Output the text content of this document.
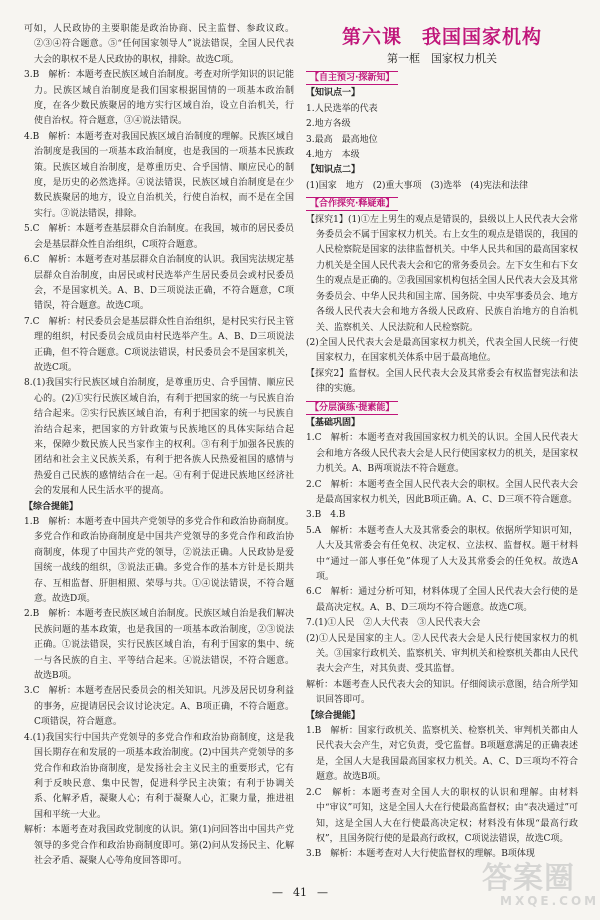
可如，人民政协的主要职能是政治协商、民主监督、参政议政。②③④符合题意。⑤“任何国家领导人”说法错误，全国人民代表大会的职权不是人民政协的职权，排除。故选C项。

3.B　解析：本题考查民族区域自治制度。考查对所学知识的识记能力。民族区域自治制度是我们国家根据国情的一项基本政治制度，在各少数民族聚居的地方实行区域自治，设立自治机关，行使自治权。符合题意，③④说法错误。

4.B　解析：本题考查对我国民族区域自治制度的理解。民族区域自治制度是我国的一项基本政治制度，也是我国的一项基本民族政策。民族区域自治制度，是尊重历史、合乎国情、顺应民心的制度，是历史的必然选择。④说法错误，民族区域自治制度是在少数民族聚居的地方，设立自治机关，行使自治权，而不是在全国实行。③说法错误，排除。

5.C　解析：本题考查基层群众自治制度。在我国，城市的居民委员会是基层群众性自治组织，C项符合题意。

6.C　解析：本题考查对基层群众自治制度的认识。我国宪法规定基层群众自治制度，由居民或村民选举产生居民委员会或村民委员会，不是国家机关。A、B、D三项说法正确，不符合题意，C项错误，符合题意。故选C项。

7.C　解析：村民委员会是基层群众性自治组织，是村民实行民主管理的组织，村民委员会成员由村民选举产生。A、B、D三项说法正确，但不符合题意。C项说法错误，村民委员会不是国家机关，故选C项。

8.(1)我国实行民族区域自治制度，是尊重历史、合乎国情、顺应民心的。(2)①实行民族区域自治，有利于把国家的统一与民族自治结合起来。②实行民族区域自治，有利于把国家的统一与民族自治结合起来，把国家的方针政策与民族地区的具体实际结合起来，保障少数民族人民当家作主的权利。③有利于加强各民族的团结和社会主义民族关系，有利于把各族人民热爱祖国的感情与热爱自己民族的感情结合在一起。④有利于促进民族地区经济社会的发展和人民生活水平的提高。

【综合提能】

1.B　解析：本题考查中国共产党领导的多党合作和政治协商制度。多党合作和政治协商制度是中国共产党领导的多党合作和政治协商制度，体现了中国共产党的领导，②说法正确。人民政协是爱国统一战线的组织，③说法正确。多党合作的基本方针是长期共存、互相监督、肝胆相照、荣辱与共。①④说法错误，不符合题意。故选D项。

2.B　解析：本题考查民族区域自治制度。民族区域自治是我们解决民族问题的基本政策，也是我国的一项基本政治制度，②③说法正确。①说法错误，实行民族区域自治，有利于国家的集中、统一与各民族的自主、平等结合起来。④说法错误，不符合题意。故选B项。

3.C　解析：本题考查居民委员会的相关知识。凡涉及居民切身利益的事务，应提请居民会议讨论决定。A、B项正确，不符合题意。C项错误，符合题意。

4.(1)我国实行中国共产党领导的多党合作和政治协商制度，这是我国长期存在和发展的一项基本政治制度。(2)中国共产党领导的多党合作和政治协商制度，是发扬社会主义民主的重要形式，它有利于反映民意、集中民智，促进科学民主决策；有利于协调关系、化解矛盾，凝聚人心；有利于凝聚人心，汇聚力量，推进祖国和平统一大业。

解析：本题考查对我国政党制度的认识。第(1)问回答出中国共产党领导的多党合作和政治协商制度即可。第(2)问从发扬民主、化解社会矛盾、凝聚人心等角度回答即可。

第六课　我国国家机构
第一框　国家权力机关
【自主预习·探新知】
【知识点一】

1.人民选举的代表

2.地方各级

3.最高　最高地位

4.地方　本级

【知识点二】

(1)国家　地方　(2)重大事项　(3)选举　(4)宪法和法律

【合作探究·释疑难】

【探究1】(1)①左上男生的观点是错误的，县级以上人民代表大会常务委员会不属于国家权力机关。右上女生的观点是错误的，我国的人民检察院是国家的法律监督机关。中华人民共和国的最高国家权力机关是全国人民代表大会和它的常务委员会。左下女生和右下女生的观点是正确的。②我国国家机构包括全国人民代表大会及其常务委员会、中华人民共和国主席、国务院、中央军事委员会、地方各级人民代表大会和地方各级人民政府、民族自治地方的自治机关、监察机关、人民法院和人民检察院。

(2)全国人民代表大会是最高国家权力机关，代表全国人民统一行使国家权力，在国家机关体系中居于最高地位。

【探究2】监督权。全国人民代表大会及其常委会有权监督宪法和法律的实施。

【分层演练·提素能】
【基础巩固】

1.C　解析：本题考查对我国国家权力机关的认识。全国人民代表大会和地方各级人民代表大会是人民行使国家权力的机关，是国家权力机关。A、B两项说法不符合题意。

2.C　解析：本题考查全国人民代表大会的职权。全国人民代表大会是最高国家权力机关，因此B项正确。A、C、D三项不符合题意。

3.B　4.B

5.A　解析：本题考查人大及其常委会的职权。依据所学知识可知，人大及其常委会有任免权、决定权、立法权、监督权。题干材料中“通过一部人事任免”体现了人大及其常委会的任免权。故选A项。

6.C　解析：通过分析可知，材料体现了全国人民代表大会行使的是最高决定权。A、B、D三项均不符合题意。故选C项。

7.(1)①人民　②人大代表　③人民代表大会

(2)①人民是国家的主人。②人民代表大会是人民行使国家权力的机关。③国家行政机关、监察机关、审判机关和检察机关都由人民代表大会产生，对其负责、受其监督。

解析：本题考查人民代表大会的知识。仔细阅读示意图，结合所学知识回答即可。

【综合提能】

1.B　解析：国家行政机关、监察机关、检察机关、审判机关都由人民代表大会产生，对它负责，受它监督。B项题意满足的正确表述是，全国人大是我国最高国家权力机关。A、C、D三项均不符合题意。故选B项。

2.C　解析：本题考查对全国人大的职权的认识和理解。由材料中“审议”可知，这是全国人大在行使最高监督权；由“表决通过”可知，这是全国人大在行使最高决定权；材料没有体现“最高行政权”，且国务院行使的是最高行政权，C项说法错误，故选C项。

3.B　解析：本题考查对人大行使监督权的理解。B项体现

— 41 —	答案圈
MXQE.COM
